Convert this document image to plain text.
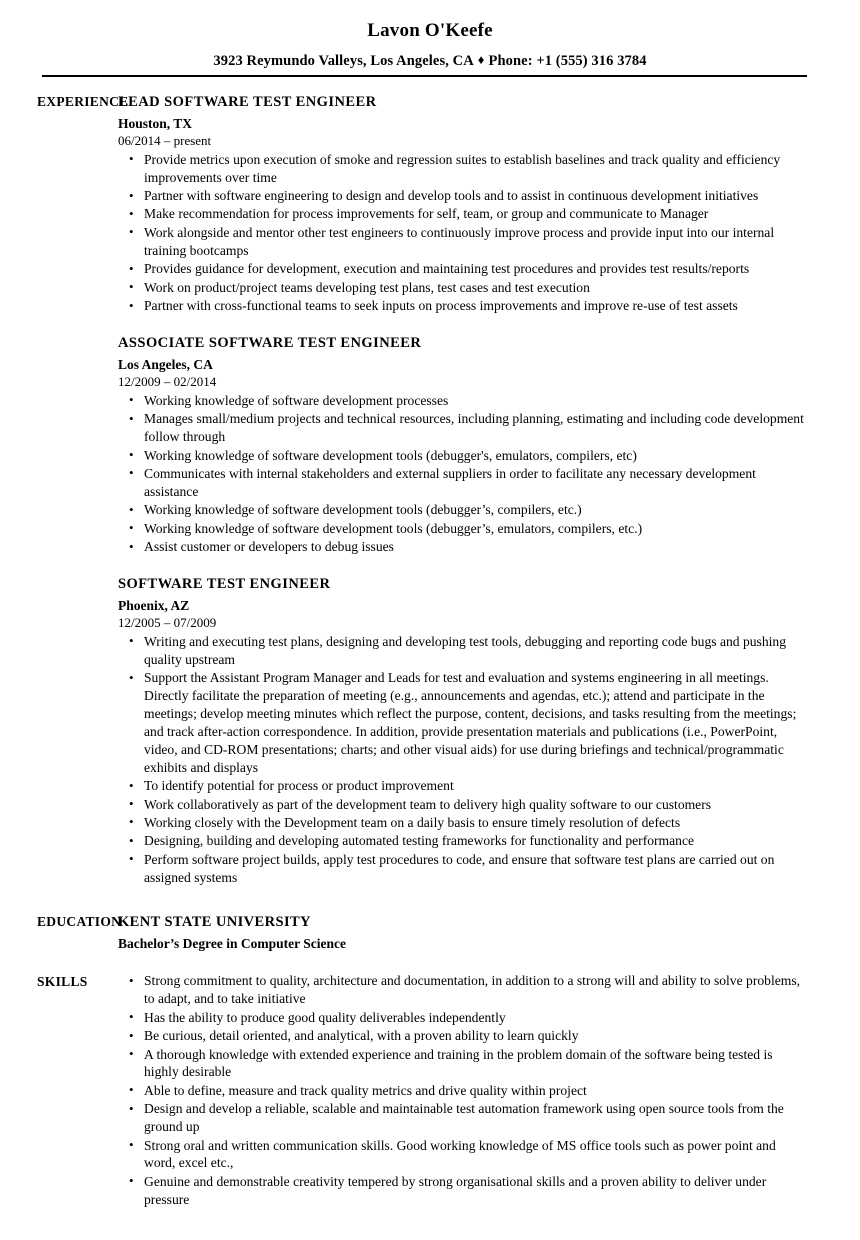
Lavon O'Keefe
3923 Reymundo Valleys, Los Angeles, CA ♦ Phone: +1 (555) 316 3784
EXPERIENCE
LEAD SOFTWARE TEST ENGINEER
Houston, TX
06/2014 – present
• Provide metrics upon execution of smoke and regression suites to establish baselines and track quality and efficiency improvements over time
• Partner with software engineering to design and develop tools and to assist in continuous development initiatives
• Make recommendation for process improvements for self, team, or group and communicate to Manager
• Work alongside and mentor other test engineers to continuously improve process and provide input into our internal training bootcamps
• Provides guidance for development, execution and maintaining test procedures and provides test results/reports
• Work on product/project teams developing test plans, test cases and test execution
• Partner with cross-functional teams to seek inputs on process improvements and improve re-use of test assets
ASSOCIATE SOFTWARE TEST ENGINEER
Los Angeles, CA
12/2009 – 02/2014
• Working knowledge of software development processes
• Manages small/medium projects and technical resources, including planning, estimating and including code development follow through
• Working knowledge of software development tools (debugger's, emulators, compilers, etc)
• Communicates with internal stakeholders and external suppliers in order to facilitate any necessary development assistance
• Working knowledge of software development tools (debugger’s, compilers, etc.)
• Working knowledge of software development tools (debugger’s, emulators, compilers, etc.)
• Assist customer or developers to debug issues
SOFTWARE TEST ENGINEER
Phoenix, AZ
12/2005 – 07/2009
• Writing and executing test plans, designing and developing test tools, debugging and reporting code bugs and pushing quality upstream
• Support the Assistant Program Manager and Leads for test and evaluation and systems engineering in all meetings. Directly facilitate the preparation of meeting (e.g., announcements and agendas, etc.); attend and participate in the meetings; develop meeting minutes which reflect the purpose, content, decisions, and tasks resulting from the meetings; and track after-action correspondence. In addition, provide presentation materials and publications (i.e., PowerPoint, video, and CD-ROM presentations; charts; and other visual aids) for use during briefings and technical/programmatic exhibits and displays
• To identify potential for process or product improvement
• Work collaboratively as part of the development team to delivery high quality software to our customers
• Working closely with the Development team on a daily basis to ensure timely resolution of defects
• Designing, building and developing automated testing frameworks for functionality and performance
• Perform software project builds, apply test procedures to code, and ensure that software test plans are carried out on assigned systems
EDUCATION
KENT STATE UNIVERSITY
Bachelor’s Degree in Computer Science
SKILLS	• Strong commitment to quality, architecture and documentation, in addition to a strong will and ability to solve problems, to adapt, and to take initiative
• Has the ability to produce good quality deliverables independently
• Be curious, detail oriented, and analytical, with a proven ability to learn quickly
• A thorough knowledge with extended experience and training in the problem domain of the software being tested is highly desirable
• Able to define, measure and track quality metrics and drive quality within project
• Design and develop a reliable, scalable and maintainable test automation framework using open source tools from the ground up
• Strong oral and written communication skills. Good working knowledge of MS office tools such as power point and word, excel etc.,
• Genuine and demonstrable creativity tempered by strong organisational skills and a proven ability to deliver under pressure
